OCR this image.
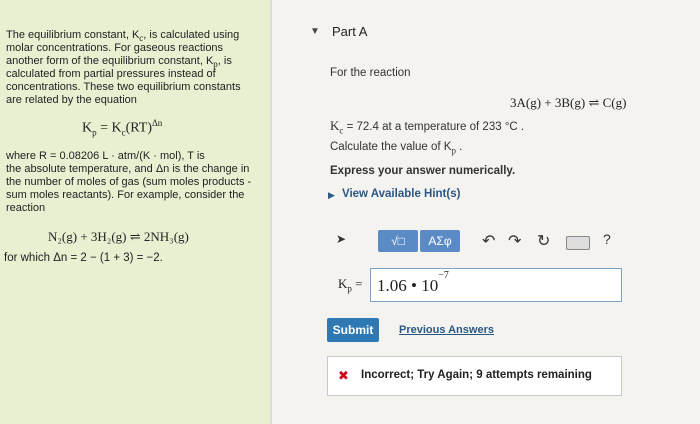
The equilibrium constant, $K_c$, is calculated using
molar concentrations. For gaseous reactions
another form of the equilibrium constant, $K_p$, is
calculated from partial pressures instead of
concentrations. These two equilibrium constants
are related by the equation
$K_p = K_c(RT)^{\Delta n}$
where R = 0.08206 L · atm/(K · mol), T is
the absolute temperature, and Δn is the change in
the number of moles of gas (sum moles products -
sum moles reactants). For example, consider the
reaction
N₂(g) + 3H₂(g) ⇌ 2NH₃(g)
for which Δn = 2 − (1 + 3) = −2.
▼ Part A
For the reaction
3A(g) + 3B(g) ⇌ C(g)
$K_c = 72.4$ at a temperature of 233 °C .
Calculate the value of $K_p$ .
Express your answer numerically.
▶ View Available Hint(s)
➤	√□	ΑΣφ	↶ ↷ ↻	?
$K_p = 1.06$ • $10^{-7}$
Submit	Previous Answers
✖ Incorrect; Try Again; 9 attempts remaining
